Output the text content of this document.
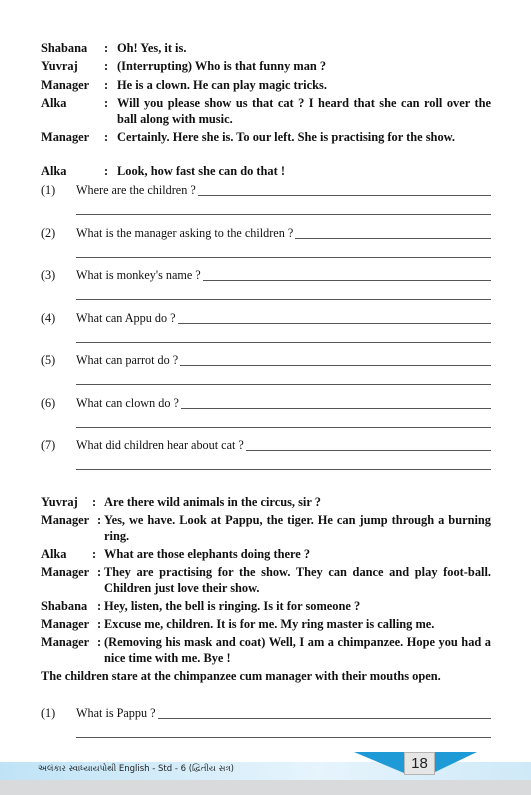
Shabana : Oh! Yes, it is.
Yuvraj : (Interrupting) Who is that funny man ?
Manager : He is a clown. He can play magic tricks.
Alka	: Will you please show us that cat ? I heard that she can roll over the ball along with music.
Manager : Certainly. Here she is. To our left. She is practising for the show.
Alka	: Look, how fast she can do that !
(1) Where are the children ?
(2) What is the manager asking to the children ?
(3) What is monkey's name ?
(4) What can Appu do ?
(5) What can parrot do ?
(6) What can clown do ?
(7) What did children hear about cat ?
Yuvraj : Are there wild animals in the circus, sir ?
Manager : Yes, we have. Look at Pappu, the tiger. He can jump through a burning ring.
Alka : What are those elephants doing there ?
Manager : They are practising for the show. They can dance and play foot-ball. Children just love their show.
Shabana : Hey, listen, the bell is ringing. Is it for someone ?
Manager : Excuse me, children. It is for me. My ring master is calling me.
Manager : (Removing his mask and coat) Well, I am a chimpanzee. Hope you had a nice time with me. Bye !
The children stare at the chimpanzee cum manager with their mouths open.
(1) What is Pappu ?
અલંકાર સ્વાધ્યાયપોથી English - Std - 6 (દ્વિતીય સત્ર)	18
